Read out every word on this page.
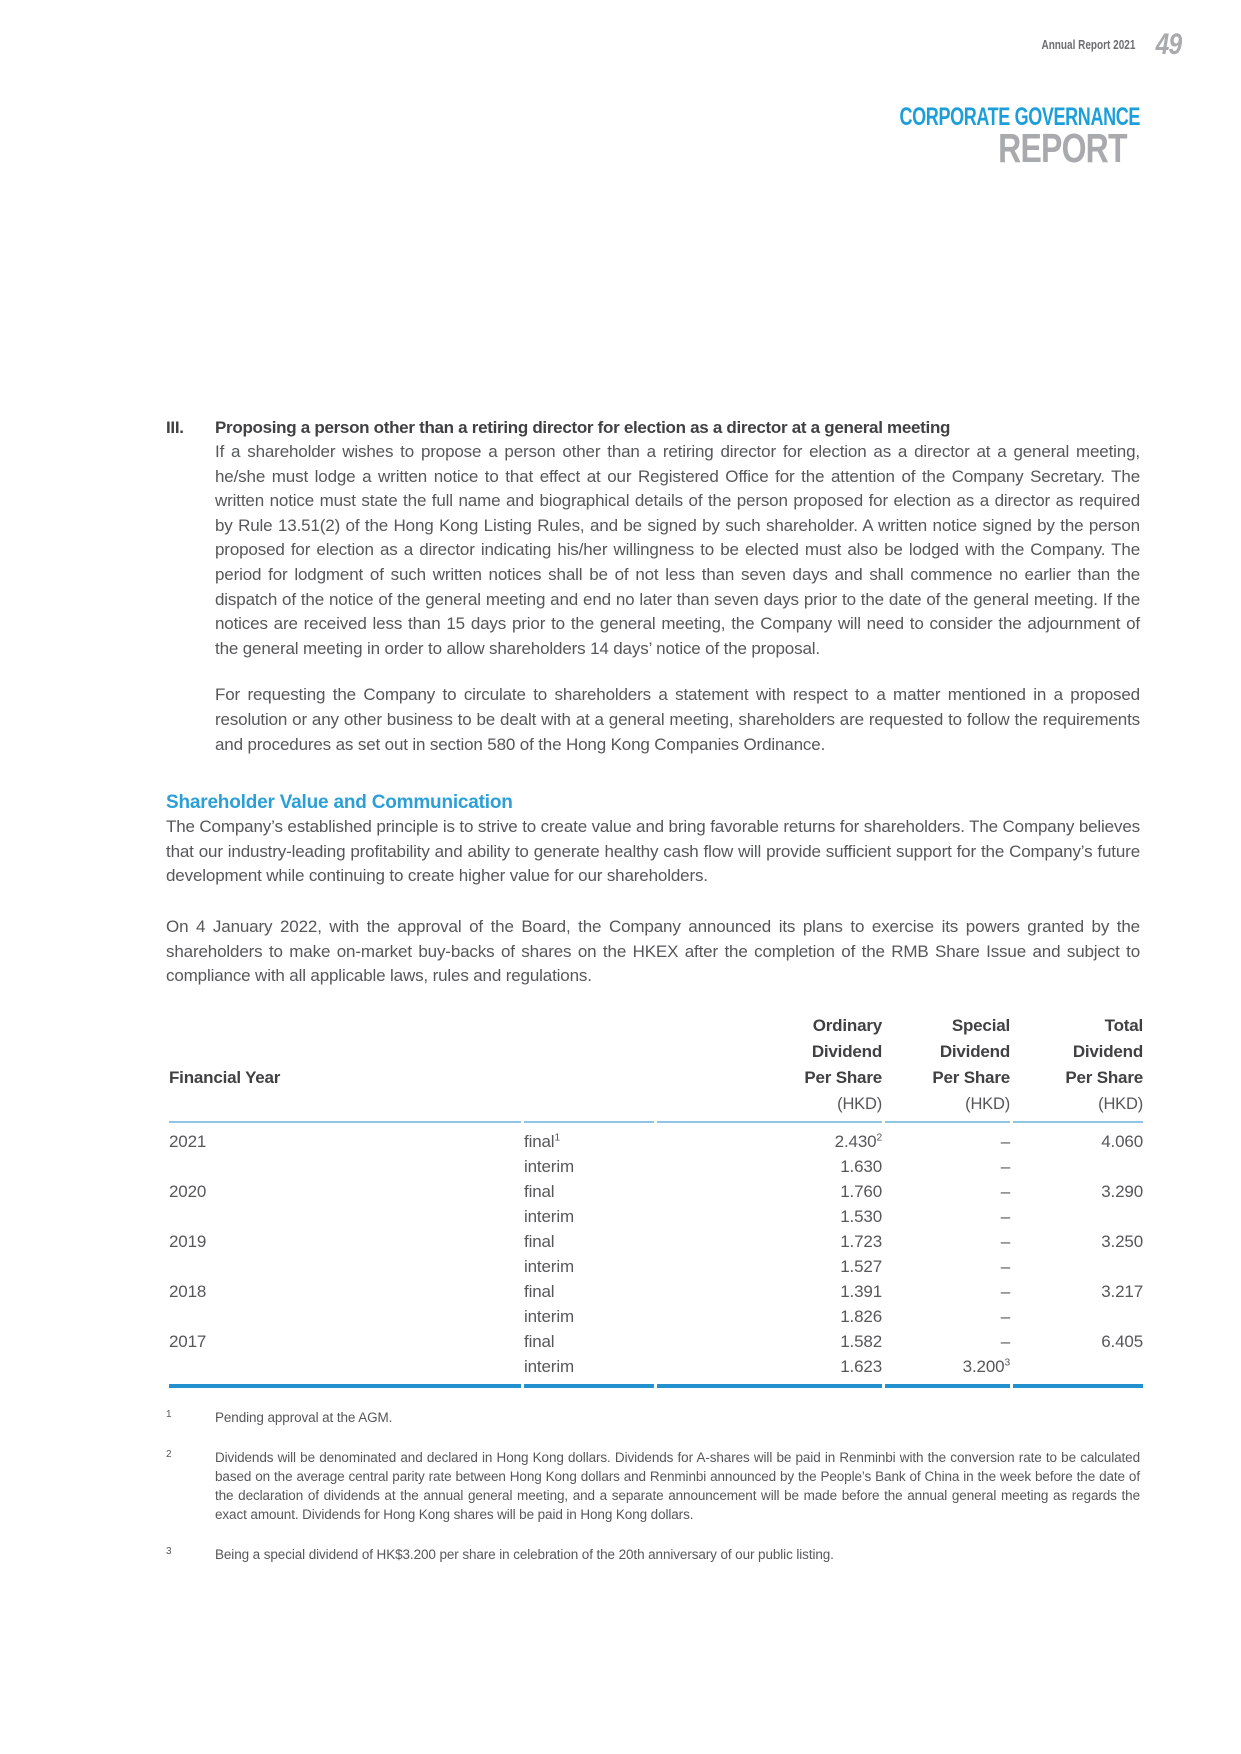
Annual Report 2021 49
CORPORATE GOVERNANCE
REPORT
III.	Proposing a person other than a retiring director for election as a director at a general meeting

If a shareholder wishes to propose a person other than a retiring director for election as a director at a general meeting, he/she must lodge a written notice to that effect at our Registered Office for the attention of the Company Secretary. The written notice must state the full name and biographical details of the person proposed for election as a director as required by Rule 13.51(2) of the Hong Kong Listing Rules, and be signed by such shareholder. A written notice signed by the person proposed for election as a director indicating his/her willingness to be elected must also be lodged with the Company. The period for lodgment of such written notices shall be of not less than seven days and shall commence no earlier than the dispatch of the notice of the general meeting and end no later than seven days prior to the date of the general meeting. If the notices are received less than 15 days prior to the general meeting, the Company will need to consider the adjournment of the general meeting in order to allow shareholders 14 days’ notice of the proposal.

For requesting the Company to circulate to shareholders a statement with respect to a matter mentioned in a proposed resolution or any other business to be dealt with at a general meeting, shareholders are requested to follow the requirements and procedures as set out in section 580 of the Hong Kong Companies Ordinance.

Shareholder Value and Communication

The Company’s established principle is to strive to create value and bring favorable returns for shareholders. The Company believes that our industry-leading profitability and ability to generate healthy cash flow will provide sufficient support for the Company’s future development while continuing to create higher value for our shareholders.

On 4 January 2022, with the approval of the Board, the Company announced its plans to exercise its powers granted by the shareholders to make on-market buy-backs of shares on the HKEX after the completion of the RMB Share Issue and subject to compliance with all applicable laws, rules and regulations.

Financial Year

Ordinary
Dividend
Per Share
(HKD)

Special
Dividend
Per Share
(HKD)

Total
Dividend
Per Share
(HKD)

2021	final$^1$	2.430$^2$	–	4.060
	interim	1.630	–	
2020	final	1.760	–	3.290
	interim	1.530	–	
2019	final	1.723	–	3.250
	interim	1.527	–	
2018	final	1.391	–	3.217
	interim	1.826	–	
2017	final	1.582	–	6.405
	interim	1.623	3.200$^3$	
1	Pending approval at the AGM.
2	Dividends will be denominated and declared in Hong Kong dollars. Dividends for A-shares will be paid in Renminbi with the conversion rate to be calculated based on the average central parity rate between Hong Kong dollars and Renminbi announced by the People’s Bank of China in the week before the date of the declaration of dividends at the annual general meeting, and a separate announcement will be made before the annual general meeting as regards the exact amount. Dividends for Hong Kong shares will be paid in Hong Kong dollars.
3	Being a special dividend of HK$3.200 per share in celebration of the 20th anniversary of our public listing.
